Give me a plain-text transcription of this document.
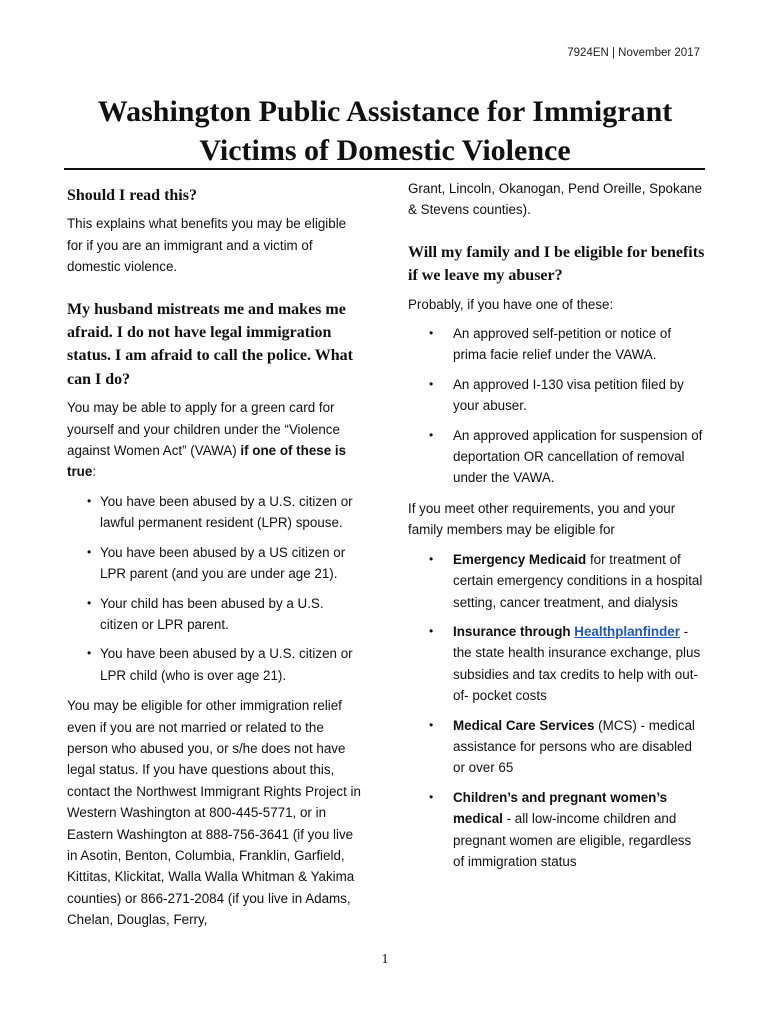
7924EN | November 2017
Washington Public Assistance for Immigrant
Victims of Domestic Violence
Should I read this?

This explains what benefits you may be eligible for if you are an immigrant and a victim of domestic violence.

My husband mistreats me and makes me afraid. I do not have legal immigration status. I am afraid to call the police. What can I do?

You may be able to apply for a green card for yourself and your children under the “Violence against Women Act” (VAWA) if one of these is true:

• You have been abused by a U.S. citizen or lawful permanent resident (LPR) spouse.
• You have been abused by a US citizen or LPR parent (and you are under age 21).
• Your child has been abused by a U.S. citizen or LPR parent.
• You have been abused by a U.S. citizen or LPR child (who is over age 21).

You may be eligible for other immigration relief even if you are not married or related to the person who abused you, or s/he does not have legal status. If you have questions about this, contact the Northwest Immigrant Rights Project in Western Washington at 800-445-5771, or in Eastern Washington at 888-756-3641 (if you live in Asotin, Benton, Columbia, Franklin, Garfield, Kittitas, Klickitat, Walla Walla Whitman & Yakima counties) or 866-271-2084 (if you live in Adams, Chelan, Douglas, Ferry,

Grant, Lincoln, Okanogan, Pend Oreille, Spokane & Stevens counties).

Will my family and I be eligible for benefits if we leave my abuser?

Probably, if you have one of these:

• An approved self-petition or notice of prima facie relief under the VAWA.
• An approved I-130 visa petition filed by your abuser.
• An approved application for suspension of deportation OR cancellation of removal under the VAWA.

If you meet other requirements, you and your family members may be eligible for

• Emergency Medicaid for treatment of certain emergency conditions in a hospital setting, cancer treatment, and dialysis
• Insurance through Healthplanfinder - the state health insurance exchange, plus subsidies and tax credits to help with out-of- pocket costs
• Medical Care Services (MCS) - medical assistance for persons who are disabled or over 65
• Children’s and pregnant women’s medical - all low-income children and pregnant women are eligible, regardless of immigration status
1
